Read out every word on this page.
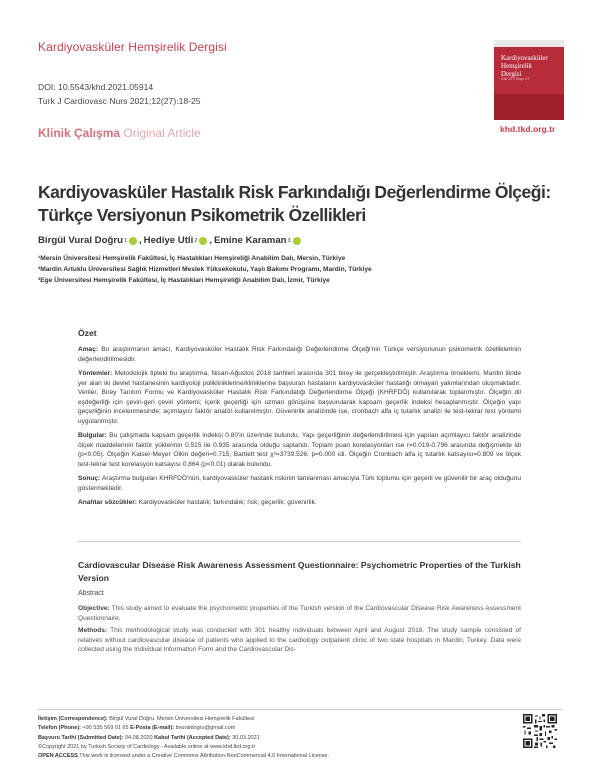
Kardiyovasküler Hemşirelik Dergisi
DOI: 10.5543/khd.2021.05914
Turk J Cardiovasc Nurs 2021;12(27):18-25
Klinik Çalışma Original Article
Kardiyovasküler
Hemşirelik
Dergisi
Cilt 12 • Sayı 27
khd.tkd.org.tr
Kardiyovasküler Hastalık Risk Farkındalığı Değerlendirme Ölçeği: Türkçe Versiyonun Psikometrik Özellikleri
Birgül Vural Doğru 1 , Hediye Utli 2 , Emine Karaman 3
¹Mersin Üniversitesi Hemşirelik Fakültesi, İç Hastalıkları Hemşireliği Anabilim Dalı, Mersin, Türkiye
²Mardin Artuklu Üniversitesi Sağlık Hizmetleri Meslek Yüksekokulu, Yaşlı Bakımı Programı, Mardin, Türkiye
³Ege Üniversitesi Hemşirelik Fakültesi, İç Hastalıkları Hemşireliği Anabilim Dalı, İzmir, Türkiye
Özet

Amaç: Bu araştırmanın amacı, Kardiyovasküler Hastalık Risk Farkındalığı Değerlendirme Ölçeği'nin Türkçe versiyonunun psikometrik özelliklerinin değerlendirilmesidir.

Yöntemler: Metodolojik tipteki bu araştırma, Nisan-Ağustos 2018 tarihleri arasında 301 birey ile gerçekleştirilmiştir. Araştırma örneklemi, Mardin ilinde yer alan iki devlet hastanesinin kardiyoloji polikliniklerine/kliniklerine başvuran hastaların kardiyovasküler hastalığı olmayan yakınlarından oluşmaktadır. Veriler, Birey Tanıtım Formu ve Kardiyovasküler Hastalık Risk Farkındalığı Değerlendirme Ölçeği (KHRFDÖ) kullanılarak toplanmıştır. Ölçeğin dil eşdeğerliği için çeviri-geri çeviri yöntemi; içerik geçerliği için uzman görüşüne başvurularak kapsam geçerlik indeksi hesaplanmıştır. Ölçeğin yapı geçerliğinin incelenmesinde; açımlayıcı faktör analizi kullanılmıştır. Güvenirlik analizinde ise, cronbach alfa iç tutarlık analizi ile test-tekrar test yöntemi uygulanmıştır.

Bulgular: Bu çalışmada kapsam geçerlik indeksi 0.80'in üzerinde bulundu. Yapı geçerliğinin değerlendirilmesi için yapılan açımlayıcı faktör analizinde ölçek maddelerinin faktör yüklerinin 0.515 ile 0.935 arasında olduğu saptandı. Toplam puan korelasyonları ise r=0.019-0.796 arasında değişmekte idi (p<0.05). Ölçeğin Kaiser-Meyer Olkin değeri=0.715, Bartlett test χ²=3739.526; p=0.000 idi. Ölçeğin Cronbach alfa iç tutarlık katsayısı=0.809 ve ölçek test-tekrar test korelasyon katsayısı 0.864 (p<0.01) olarak bulundu.

Sonuç: Araştırma bulguları KHRFDÖ'nün, kardiyovasküler hastalık riskinin tanılanması amacıyla Türk toplumu için geçerli ve güvenilir bir araç olduğunu göstermektedir.

Anahtar sözcükler: Kardiyovasküler hastalık; farkındalık; risk; geçerlik; güvenirlik.

Cardiovascular Disease Risk Awareness Assessment Questionnaire: Psychometric Properties of the Turkish Version
Abstract

Objective: This study aimed to evaluate the psychometric properties of the Turkish version of the Cardiovascular Disease Risk Awareness Assessment Questionnaire.

Methods: This methodological study was conducted with 301 healthy individuals between April and August 2018. The study sample consisted of relatives without cardiovascular disease of patients who applied to the cardiology outpatient clinic of two state hospitals in Mardin, Turkey. Data were collected using the Individual Information Form and the Cardiovascular Dis-

İletişim (Correspondence): Birgül Vural Doğru. Mersin Üniversitesi Hemşirelik Fakültesi
Telefon (Phone): +90 535 569 01 65 E-Posta (E-mail): bvuraldogru@gmail.com
Başvuru Tarihi (Submitted Date): 04.08.2020 Kabul Tarihi (Accepted Date): 30.03.2021
©Copyright 2021 by Turkish Society of Cardiology - Available online at www.khd.tkd.org.tr
OPEN ACCESS This work is licensed under a Creative Commons Attribution-NonCommercial 4.0 International License.
